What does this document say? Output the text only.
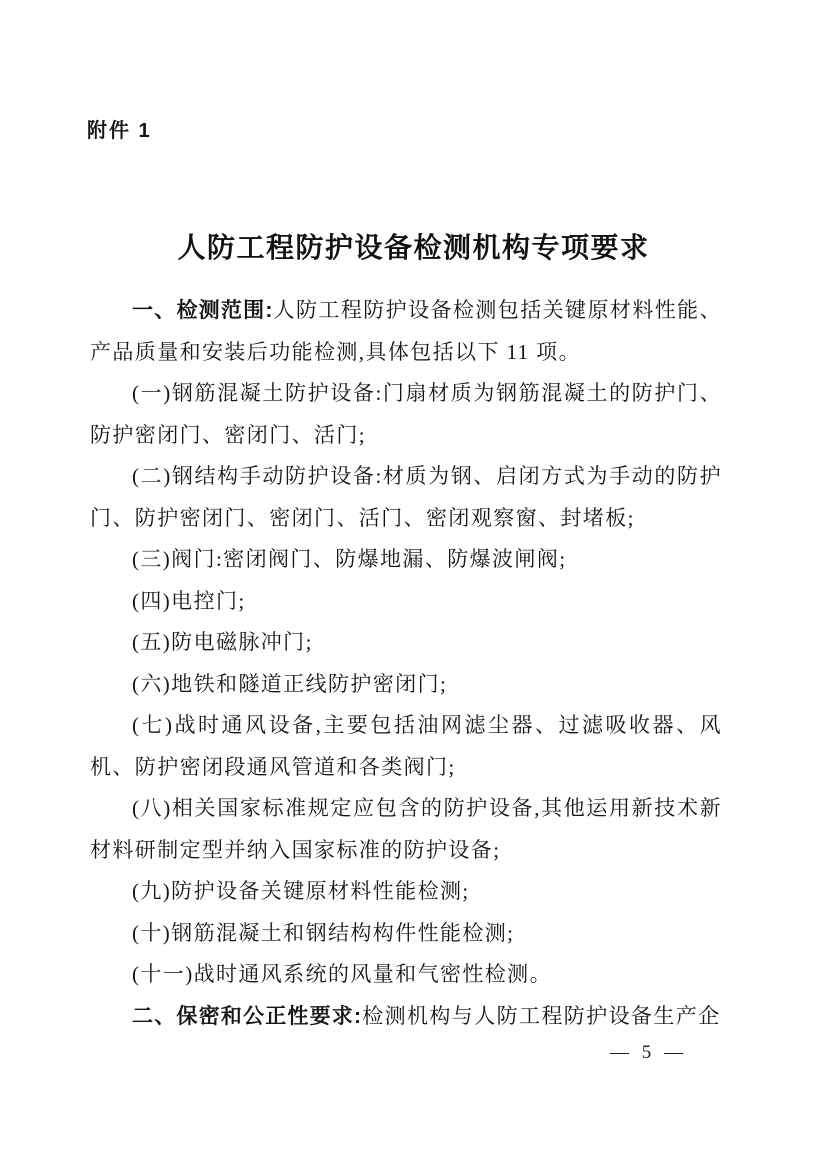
附件 1
人防工程防护设备检测机构专项要求

一、检测范围:人防工程防护设备检测包括关键原材料性能、产品质量和安装后功能检测,具体包括以下 11 项。

(一)钢筋混凝土防护设备:门扇材质为钢筋混凝土的防护门、防护密闭门、密闭门、活门;

(二)钢结构手动防护设备:材质为钢、启闭方式为手动的防护门、防护密闭门、密闭门、活门、密闭观察窗、封堵板;

(三)阀门:密闭阀门、防爆地漏、防爆波闸阀;

(四)电控门;

(五)防电磁脉冲门;

(六)地铁和隧道正线防护密闭门;

(七)战时通风设备,主要包括油网滤尘器、过滤吸收器、风机、防护密闭段通风管道和各类阀门;

(八)相关国家标准规定应包含的防护设备,其他运用新技术新材料研制定型并纳入国家标准的防护设备;

(九)防护设备关键原材料性能检测;

(十)钢筋混凝土和钢结构构件性能检测;

(十一)战时通风系统的风量和气密性检测。

二、保密和公正性要求:检测机构与人防工程防护设备生产企

— 5 —
